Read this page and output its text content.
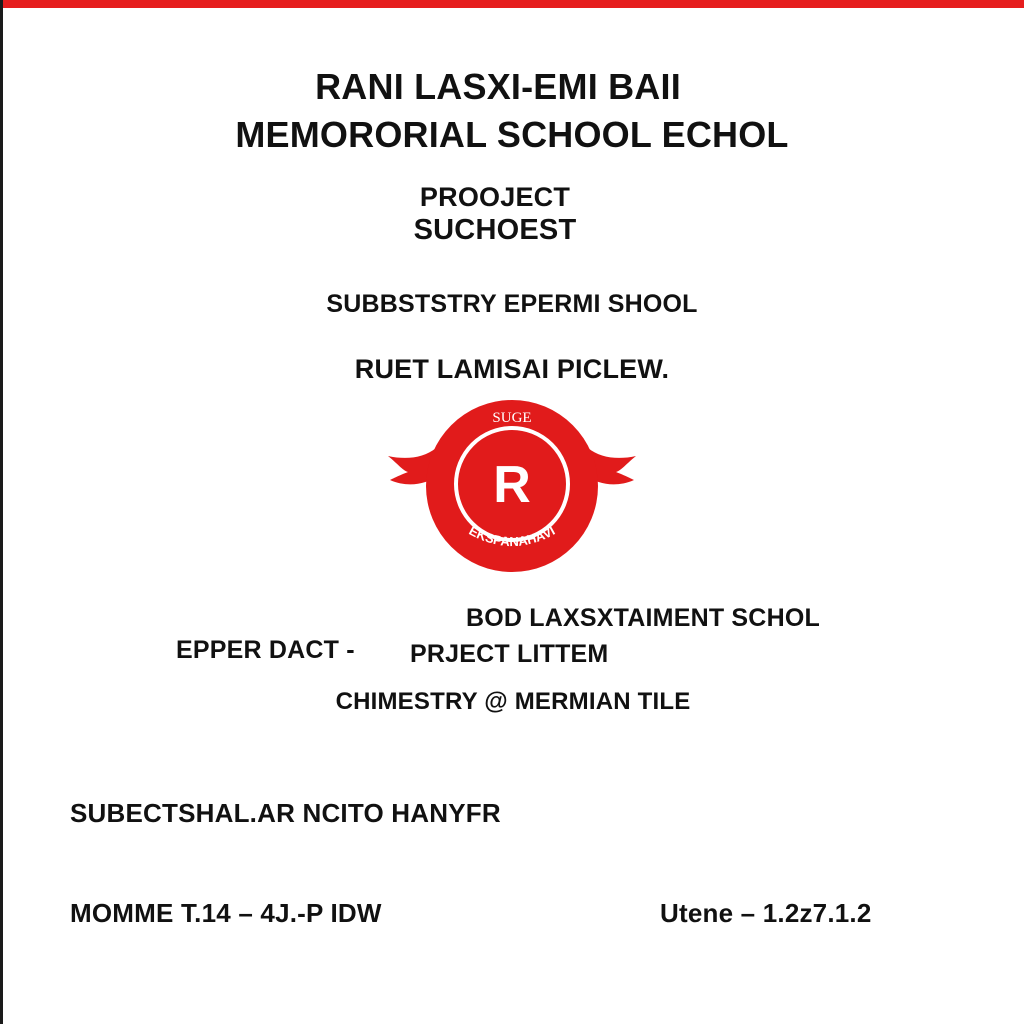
RANI LASXI-EMI BAII
MEMORORIAL SCHOOL ECHOL
PROOJECT
SUCHOEST
SUBBSTSTRY EPERMI SHOOL
RUET LAMISAI PICLEW.
SUGE
R
EKSPANAHAVI
BOD LAXSXTAIMENT SCHOL
EPPER DACT - PRJECT LITTEM
CHIMESTRY @ MERMIAN TILE
SUBECTSHAL.AR NCITO HANYFR
MOMME T.14 – 4J.-P IDW	Utene – 1.2z7.1.2
